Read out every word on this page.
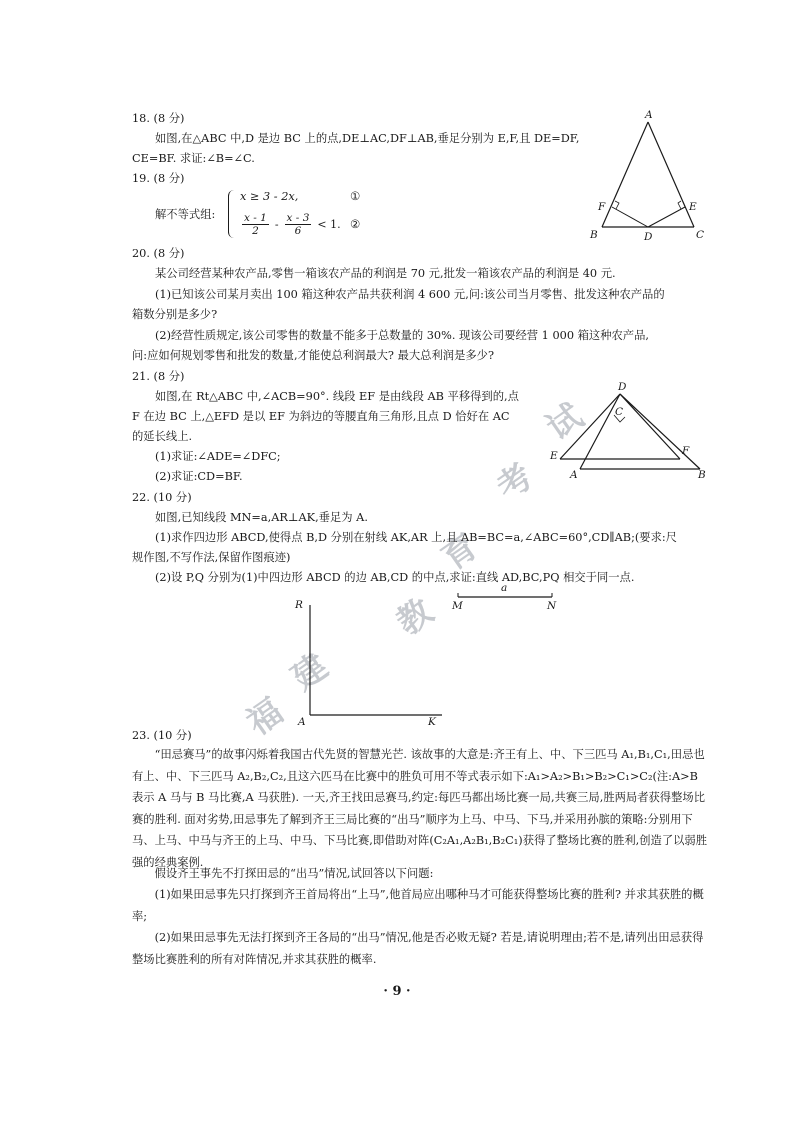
福
建
教
育
考
试
18. (8 分)
如图,在△ABC 中,D 是边 BC 上的点,DE⊥AC,DF⊥AB,垂足分别为 E,F,且 DE=DF,
CE=BF. 求证:∠B=∠C.
A
B	C
D
E
F
19. (8 分)
解不等式组:
x ≥ 3 - 2x,	①
$\frac{x - 1}{2} - \frac{x - 3}{6} < 1$. ②
20. (8 分)
某公司经营某种农产品,零售一箱该农产品的利润是 70 元,批发一箱该农产品的利润是 40 元.
(1)已知该公司某月卖出 100 箱这种农产品共获利润 4 600 元,问:该公司当月零售、批发这种农产品的
箱数分别是多少?
(2)经营性质规定,该公司零售的数量不能多于总数量的 30%. 现该公司要经营 1 000 箱这种农产品,
问:应如何规划零售和批发的数量,才能使总利润最大? 最大总利润是多少?
21. (8 分)
如图,在 Rt△ABC 中,∠ACB=90°. 线段 EF 是由线段 AB 平移得到的,点
F 在边 BC 上,△EFD 是以 EF 为斜边的等腰直角三角形,且点 D 恰好在 AC
的延长线上.
(1)求证:∠ADE=∠DFC;
(2)求证:CD=BF.
D
C
E	F
A	B
22. (10 分)
如图,已知线段 MN=a,AR⊥AK,垂足为 A.
(1)求作四边形 ABCD,使得点 B,D 分别在射线 AK,AR 上,且 AB=BC=a,∠ABC=60°,CD∥AB;(要求:尺
规作图,不写作法,保留作图痕迹)
(2)设 P,Q 分别为(1)中四边形 ABCD 的边 AB,CD 的中点,求证:直线 AD,BC,PQ 相交于同一点.
R
A	K
M	N
a
23. (10 分)
“田忌赛马”的故事闪烁着我国古代先贤的智慧光芒. 该故事的大意是:齐王有上、中、下三匹马 A₁,B₁,C₁,田忌也有上、中、下三匹马 A₂,B₂,C₂,且这六匹马在比赛中的胜负可用不等式表示如下:A₁>A₂>B₁>B₂>C₁>C₂(注:A>B 表示 A 马与 B 马比赛,A 马获胜). 一天,齐王找田忌赛马,约定:每匹马都出场比赛一局,共赛三局,胜两局者获得整场比赛的胜利. 面对劣势,田忌事先了解到齐王三局比赛的“出马”顺序为上马、中马、下马,并采用孙膑的策略:分别用下马、上马、中马与齐王的上马、中马、下马比赛,即借助对阵(C₂A₁,A₂B₁,B₂C₁)获得了整场比赛的胜利,创造了以弱胜强的经典案例.
假设齐王事先不打探田忌的“出马”情况,试回答以下问题:
(1)如果田忌事先只打探到齐王首局将出“上马”,他首局应出哪种马才可能获得整场比赛的胜利? 并求其获胜的概率;
(2)如果田忌事先无法打探到齐王各局的“出马”情况,他是否必败无疑? 若是,请说明理由;若不是,请列出田忌获得整场比赛胜利的所有对阵情况,并求其获胜的概率.
· 9 ·
